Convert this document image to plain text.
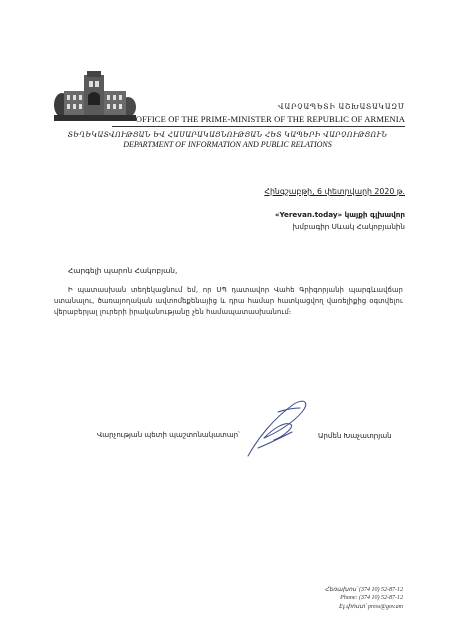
ՎԱՐՉԱՊԵՏԻ ԱՇԽԱՏԱԿԱԶՄ
OFFICE OF THE PRIME-MINISTER OF THE REPUBLIC OF ARMENIA
ՏԵՂԵԿԱՏՎՈՒԹՅԱՆ ԵՎ ՀԱՍԱՐԱԿԱՅՆՈՒԹՅԱՆ ՀԵՏ ԿԱՊԵՐԻ ՎԱՐՉՈՒԹՅՈՒՆ
DEPARTMENT OF INFORMATION AND PUBLIC RELATIONS
Հինգշաբթի, 6 փետրվարի 2020 թ.
«Yerevan.today» կայքի գլխավոր
խմբագիր Սևակ Հակոբյանին
Հարգելի պարոն Հակոբյան,
Ի պատասխան տեղեկացնում եմ, որ ՍՊ դատավոր Վահե Գրիգորյանի պարգևավճար ստանալու, ծառայողական ավտոմեքենայից և դրա համար հատկացվող վառելիքից օգտվելու վերաբերյալ լուրերի իրականությանը չեն համապատասխանում։
Վարչության պետի պաշտոնակատար՝	Արմեն Խաչատրյան
Հեռախոս՝ (374 10) 52-87-12
Phone: (374 10) 52-87-12
Էլ.փոստ՝ press@gov.am
